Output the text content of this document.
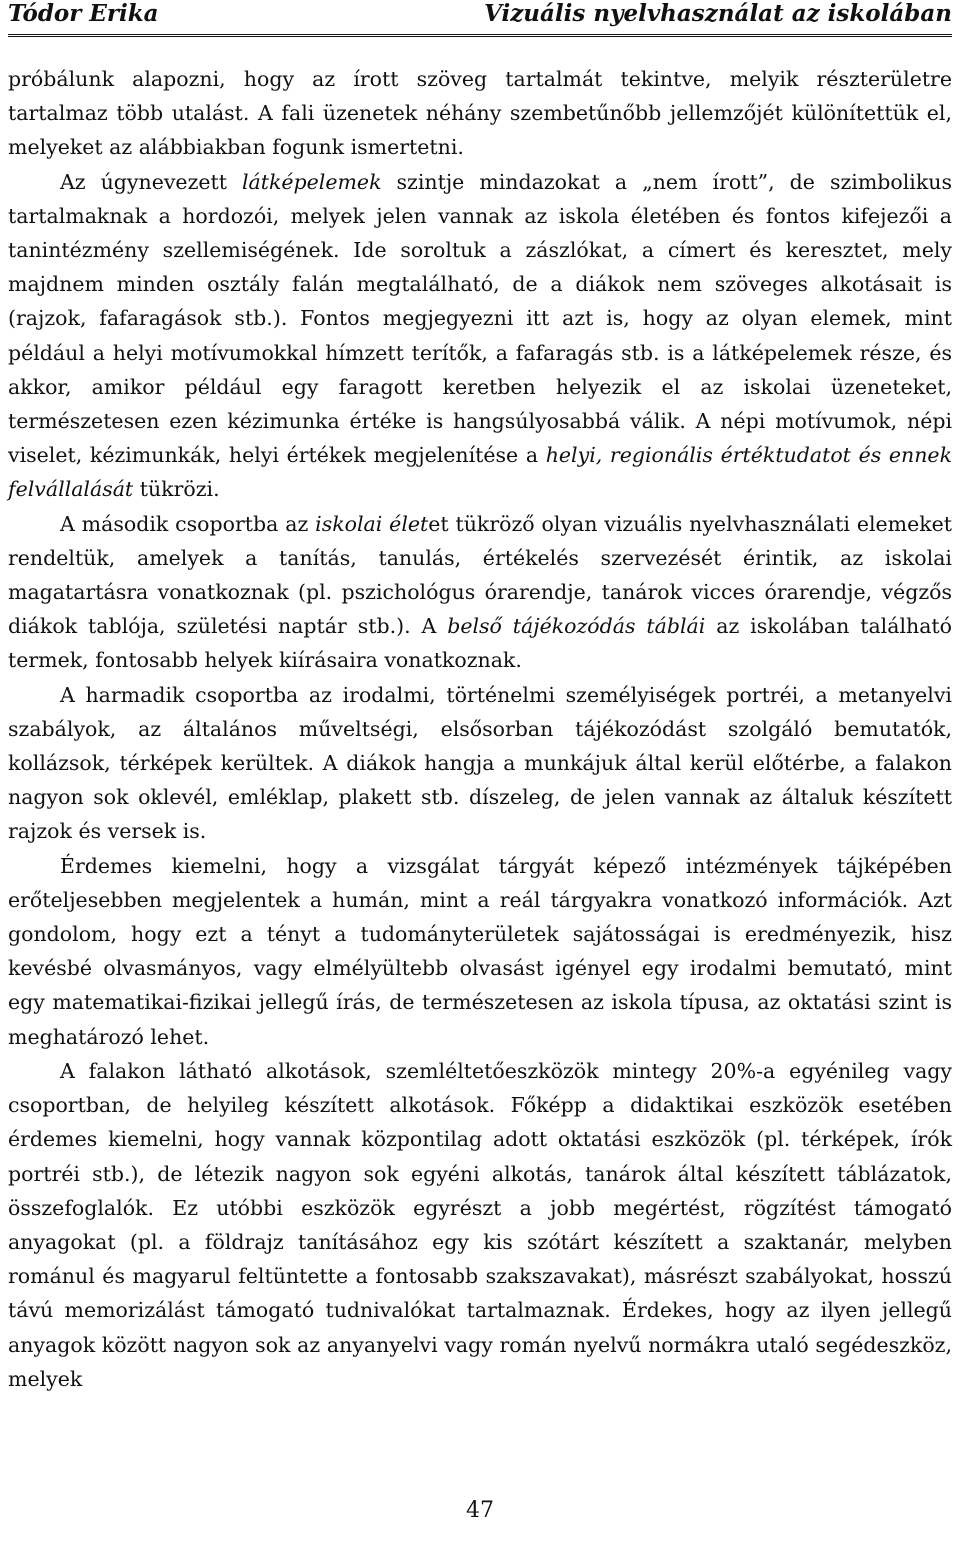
Tódor Erika	Vizuális nyelvhasználat az iskolában

próbálunk alapozni, hogy az írott szöveg tartalmát tekintve, melyik részterületre tartalmaz több utalást. A fali üzenetek néhány szembetűnőbb jellemzőjét különítettük el, melyeket az alábbiakban fogunk ismertetni.

Az úgynevezett látképelemek szintje mindazokat a „nem írott”, de szimbolikus tartalmaknak a hordozói, melyek jelen vannak az iskola életében és fontos kifejezői a tanintézmény szellemiségének. Ide soroltuk a zászlókat, a címert és keresztet, mely majdnem minden osztály falán megtalálható, de a diákok nem szöveges alkotásait is (rajzok, fafaragások stb.). Fontos megjegyezni itt azt is, hogy az olyan elemek, mint például a helyi motívumokkal hímzett terítők, a fafaragás stb. is a látképelemek része, és akkor, amikor például egy faragott keretben helyezik el az iskolai üzeneteket, természetesen ezen kézimunka értéke is hangsúlyosabbá válik. A népi motívumok, népi viselet, kézimunkák, helyi értékek megjelenítése a helyi, regionális értéktudatot és ennek felvállalását tükrözi.

A második csoportba az iskolai életet tükröző olyan vizuális nyelvhasználati elemeket rendeltük, amelyek a tanítás, tanulás, értékelés szervezését érintik, az iskolai magatartásra vonatkoznak (pl. pszichológus órarendje, tanárok vicces órarendje, végzős diákok tablója, születési naptár stb.). A belső tájékozódás táblái az iskolában található termek, fontosabb helyek kiírásaira vonatkoznak.

A harmadik csoportba az irodalmi, történelmi személyiségek portréi, a metanyelvi szabályok, az általános műveltségi, elsősorban tájékozódást szolgáló bemutatók, kollázsok, térképek kerültek. A diákok hangja a munkájuk által kerül előtérbe, a falakon nagyon sok oklevél, emléklap, plakett stb. díszeleg, de jelen vannak az általuk készített rajzok és versek is.

Érdemes kiemelni, hogy a vizsgálat tárgyát képező intézmények tájképében erőteljesebben megjelentek a humán, mint a reál tárgyakra vonatkozó információk. Azt gondolom, hogy ezt a tényt a tudományterületek sajátosságai is eredményezik, hisz kevésbé olvasmányos, vagy elmélyültebb olvasást igényel egy irodalmi bemutató, mint egy matematikai-fizikai jellegű írás, de természetesen az iskola típusa, az oktatási szint is meghatározó lehet.

A falakon látható alkotások, szemléltetőeszközök mintegy 20%-a egyénileg vagy csoportban, de helyileg készített alkotások. Főképp a didaktikai eszközök esetében érdemes kiemelni, hogy vannak központilag adott oktatási eszközök (pl. térképek, írók portréi stb.), de létezik nagyon sok egyéni alkotás, tanárok által készített táblázatok, összefoglalók. Ez utóbbi eszközök egyrészt a jobb megértést, rögzítést támogató anyagokat (pl. a földrajz tanításához egy kis szótárt készített a szaktanár, melyben románul és magyarul feltüntette a fontosabb szakszavakat), másrészt szabályokat, hosszú távú memorizálást támogató tudnivalókat tartalmaznak. Érdekes, hogy az ilyen jellegű anyagok között nagyon sok az anyanyelvi vagy román nyelvű normákra utaló segédeszköz, melyek

47
